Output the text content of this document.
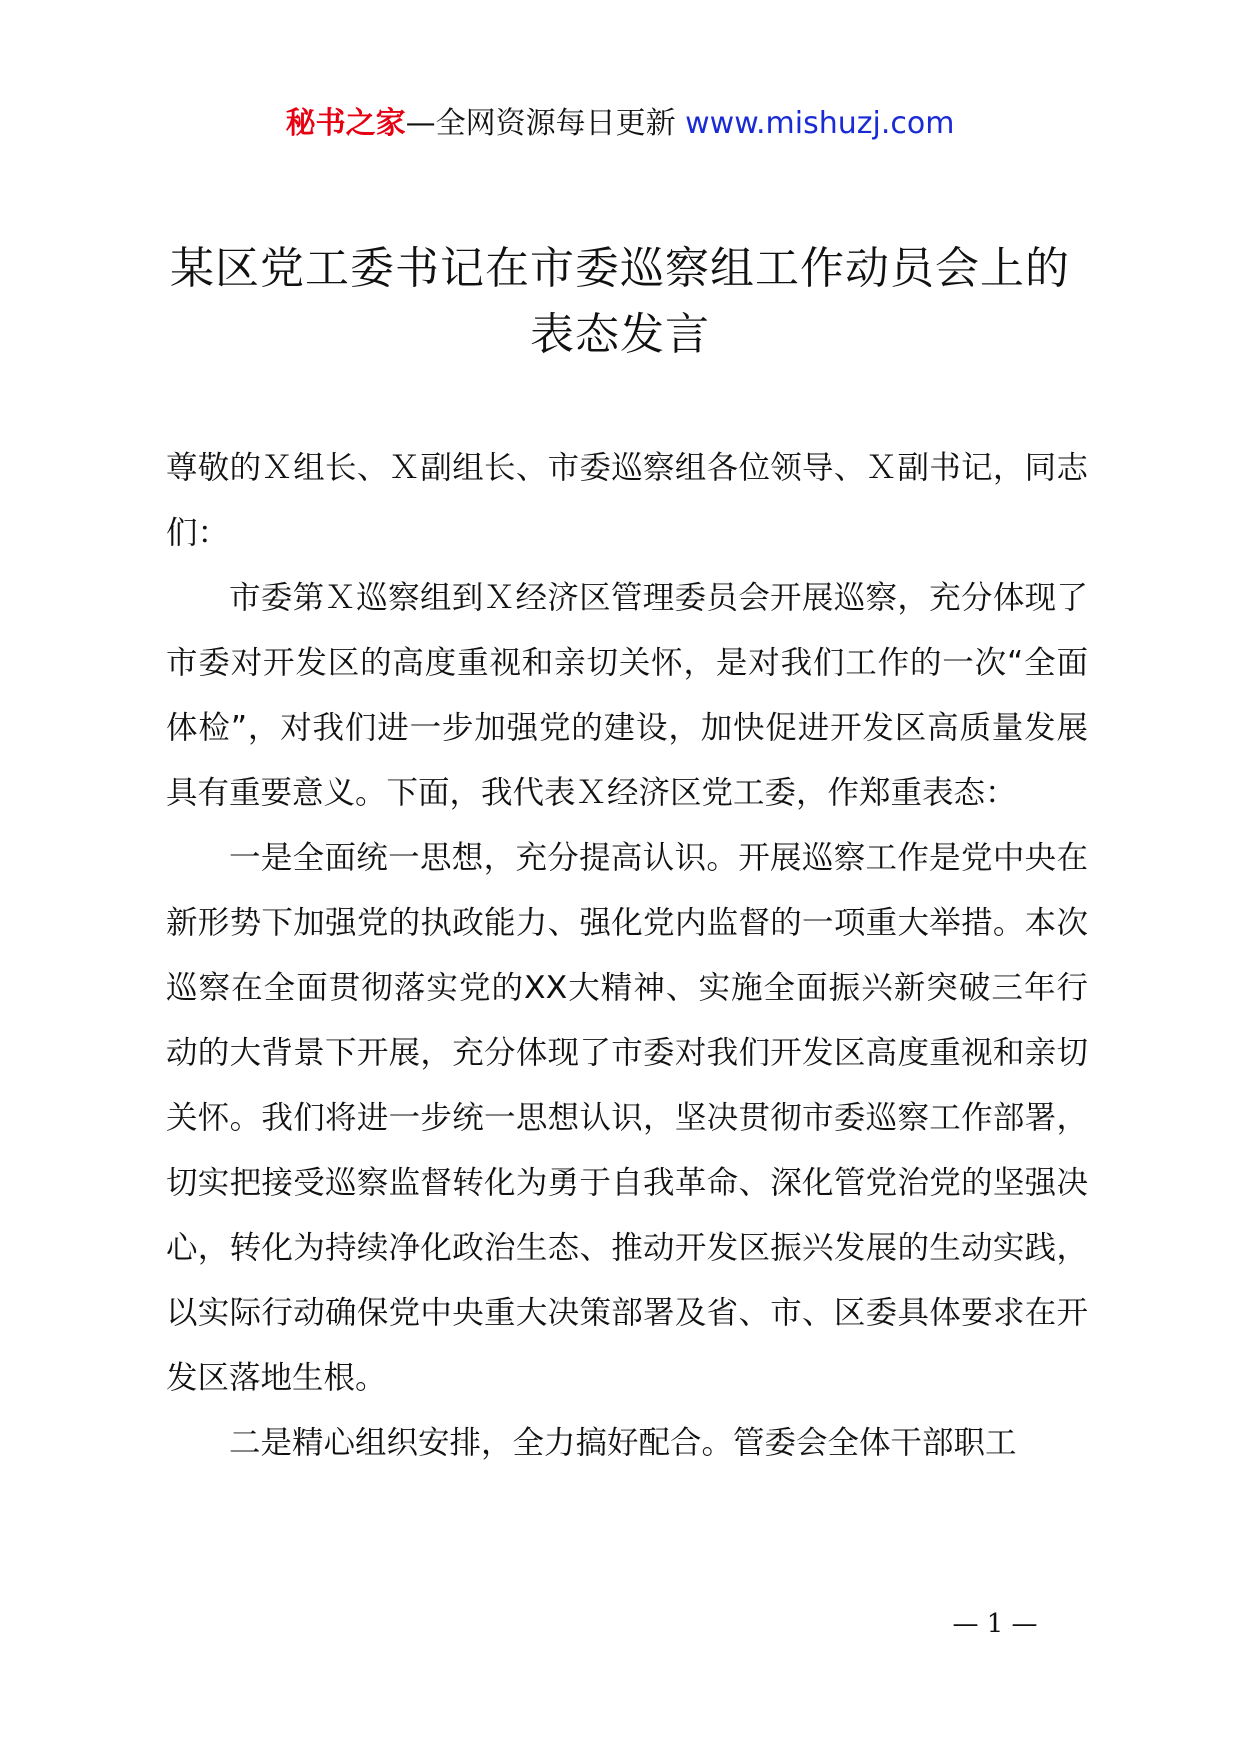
秘书之家—全网资源每日更新 www.mishuzj.com
某区党工委书记在市委巡察组工作动员会上的表态发言

尊敬的Ｘ组长、Ｘ副组长、市委巡察组各位领导、Ｘ副书记，同志们：

市委第Ｘ巡察组到Ｘ经济区管理委员会开展巡察，充分体现了市委对开发区的高度重视和亲切关怀，是对我们工作的一次“全面体检”，对我们进一步加强党的建设，加快促进开发区高质量发展具有重要意义。下面，我代表Ｘ经济区党工委，作郑重表态：

一是全面统一思想，充分提高认识。开展巡察工作是党中央在新形势下加强党的执政能力、强化党内监督的一项重大举措。本次巡察在全面贯彻落实党的XX大精神、实施全面振兴新突破三年行动的大背景下开展，充分体现了市委对我们开发区高度重视和亲切关怀。我们将进一步统一思想认识，坚决贯彻市委巡察工作部署，切实把接受巡察监督转化为勇于自我革命、深化管党治党的坚强决心，转化为持续净化政治生态、推动开发区振兴发展的生动实践，以实际行动确保党中央重大决策部署及省、市、区委具体要求在开发区落地生根。

二是精心组织安排，全力搞好配合。管委会全体干部职工

— 1 —
